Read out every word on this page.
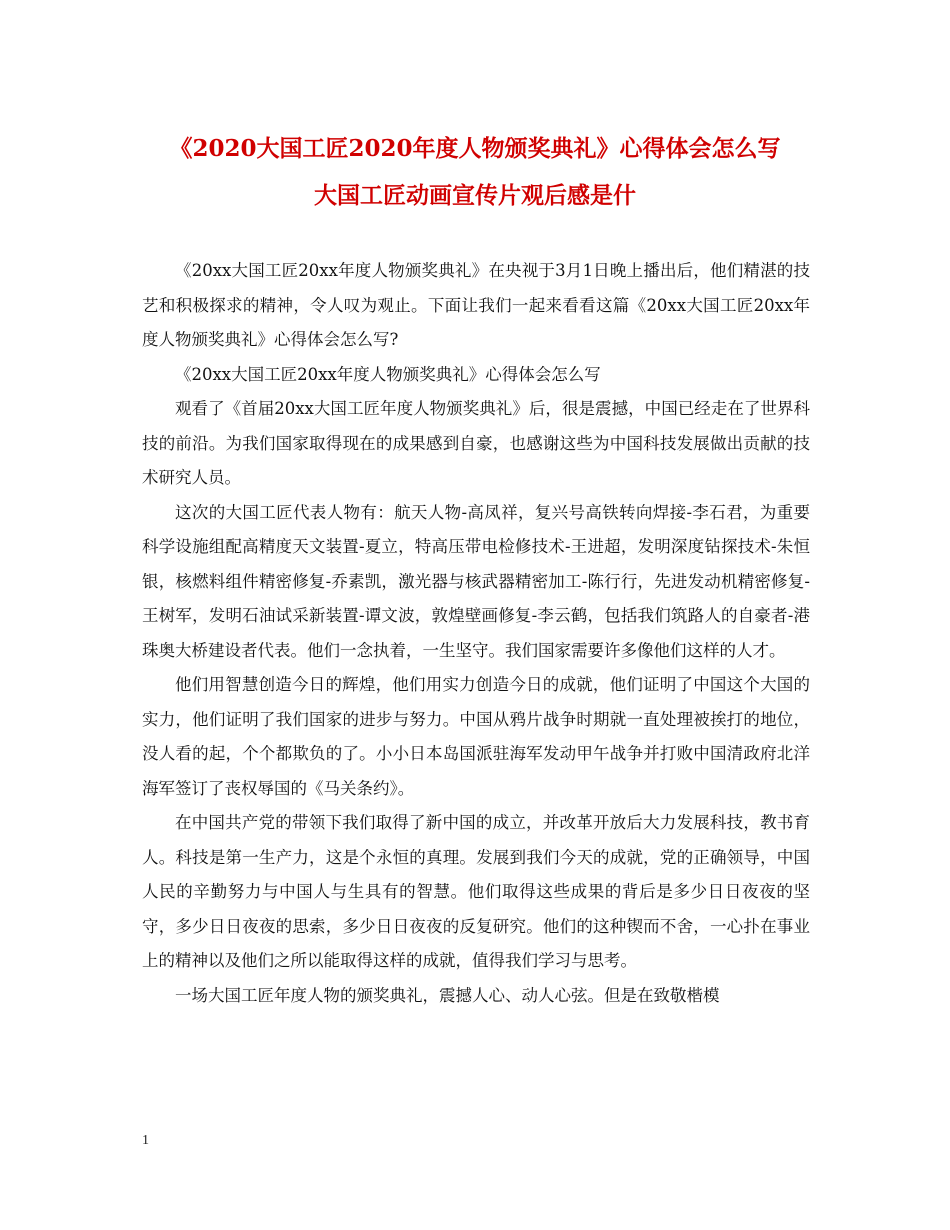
《2020大国工匠2020年度人物颁奖典礼》心得体会怎么写
大国工匠动画宣传片观后感是什

《20xx大国工匠20xx年度人物颁奖典礼》在央视于3月1日晚上播出后，他们精湛的技艺和积极探求的精神，令人叹为观止。下面让我们一起来看看这篇《20xx大国工匠20xx年度人物颁奖典礼》心得体会怎么写?

《20xx大国工匠20xx年度人物颁奖典礼》心得体会怎么写

观看了《首届20xx大国工匠年度人物颁奖典礼》后，很是震撼，中国已经走在了世界科技的前沿。为我们国家取得现在的成果感到自豪，也感谢这些为中国科技发展做出贡献的技术研究人员。

这次的大国工匠代表人物有：航天人物-高凤祥，复兴号高铁转向焊接-李石君，为重要科学设施组配高精度天文装置-夏立，特高压带电检修技术-王进超，发明深度钻探技术-朱恒银，核燃料组件精密修复-乔素凯，激光器与核武器精密加工-陈行行，先进发动机精密修复-王树军，发明石油试采新装置-谭文波，敦煌壁画修复-李云鹤，包括我们筑路人的自豪者-港珠奥大桥建设者代表。他们一念执着，一生坚守。我们国家需要许多像他们这样的人才。

他们用智慧创造今日的辉煌，他们用实力创造今日的成就，他们证明了中国这个大国的实力，他们证明了我们国家的进步与努力。中国从鸦片战争时期就一直处理被挨打的地位，没人看的起，个个都欺负的了。小小日本岛国派驻海军发动甲午战争并打败中国清政府北洋海军签订了丧权辱国的《马关条约》。

在中国共产党的带领下我们取得了新中国的成立，并改革开放后大力发展科技，教书育人。科技是第一生产力，这是个永恒的真理。发展到我们今天的成就，党的正确领导，中国人民的辛勤努力与中国人与生具有的智慧。他们取得这些成果的背后是多少日日夜夜的坚守，多少日日夜夜的思索，多少日日夜夜的反复研究。他们的这种锲而不舍，一心扑在事业上的精神以及他们之所以能取得这样的成就，值得我们学习与思考。

一场大国工匠年度人物的颁奖典礼，震撼人心、动人心弦。但是在致敬楷模

1
